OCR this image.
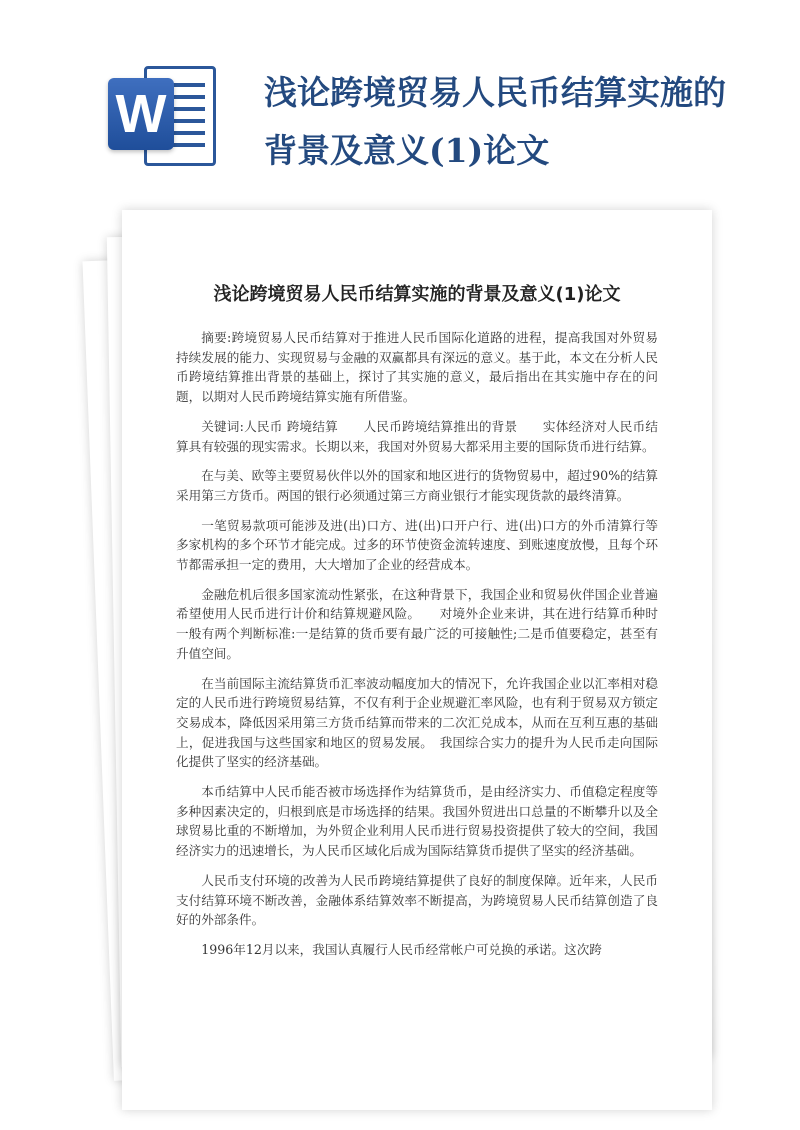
W	浅论跨境贸易人民币结算实施的背景及意义(1)论文
浅论跨境贸易人民币结算实施的背景及意义(1)论文

摘要:跨境贸易人民币结算对于推进人民币国际化道路的进程，提高我国对外贸易持续发展的能力、实现贸易与金融的双赢都具有深远的意义。基于此，本文在分析人民币跨境结算推出背景的基础上，探讨了其实施的意义，最后指出在其实施中存在的问题，以期对人民币跨境结算实施有所借鉴。

关键词:人民币 跨境结算　　人民币跨境结算推出的背景　　实体经济对人民币结算具有较强的现实需求。长期以来，我国对外贸易大都采用主要的国际货币进行结算。

在与美、欧等主要贸易伙伴以外的国家和地区进行的货物贸易中，超过90%的结算采用第三方货币。两国的银行必须通过第三方商业银行才能实现货款的最终清算。

一笔贸易款项可能涉及进(出)口方、进(出)口开户行、进(出)口方的外币清算行等多家机构的多个环节才能完成。过多的环节使资金流转速度、到账速度放慢，且每个环节都需承担一定的费用，大大增加了企业的经营成本。

金融危机后很多国家流动性紧张，在这种背景下，我国企业和贸易伙伴国企业普遍希望使用人民币进行计价和结算规避风险。　　对境外企业来讲，其在进行结算币种时一般有两个判断标准:一是结算的货币要有最广泛的可接触性;二是币值要稳定，甚至有升值空间。

在当前国际主流结算货币汇率波动幅度加大的情况下，允许我国企业以汇率相对稳定的人民币进行跨境贸易结算，不仅有利于企业规避汇率风险，也有利于贸易双方锁定交易成本，降低因采用第三方货币结算而带来的二次汇兑成本，从而在互利互惠的基础上，促进我国与这些国家和地区的贸易发展。　我国综合实力的提升为人民币走向国际化提供了坚实的经济基础。

本币结算中人民币能否被市场选择作为结算货币，是由经济实力、币值稳定程度等多种因素决定的，归根到底是市场选择的结果。我国外贸进出口总量的不断攀升以及全球贸易比重的不断增加，为外贸企业利用人民币进行贸易投资提供了较大的空间，我国经济实力的迅速增长，为人民币区域化后成为国际结算货币提供了坚实的经济基础。

人民币支付环境的改善为人民币跨境结算提供了良好的制度保障。近年来，人民币支付结算环境不断改善，金融体系结算效率不断提高，为跨境贸易人民币结算创造了良好的外部条件。

1996年12月以来，我国认真履行人民币经常帐户可兑换的承诺。这次跨
